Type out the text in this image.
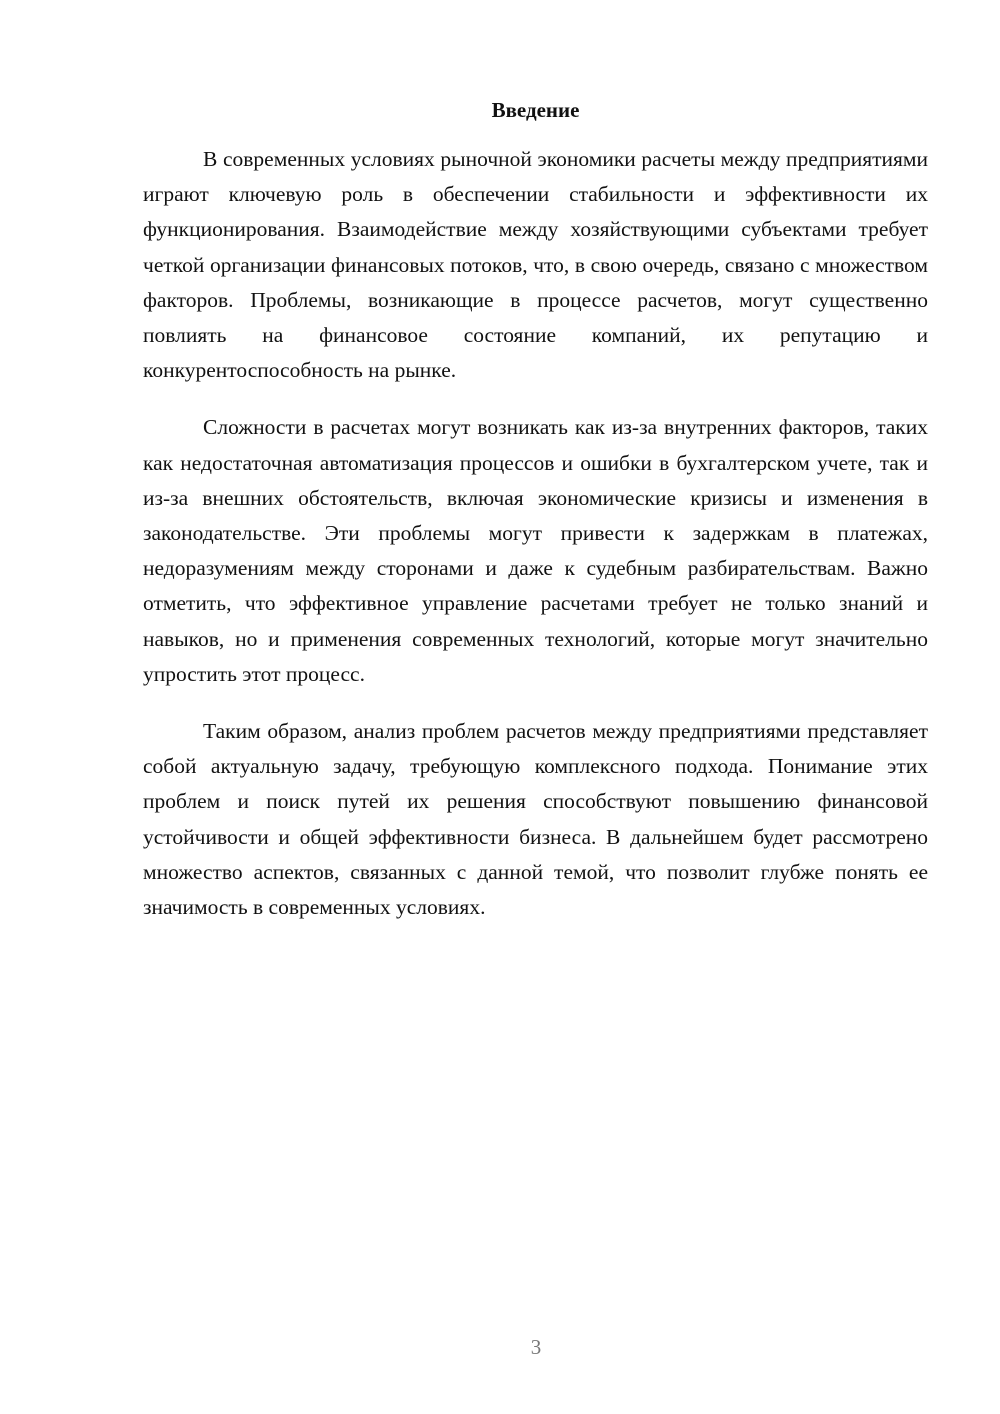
Введение

В современных условиях рыночной экономики расчеты между предприятиями играют ключевую роль в обеспечении стабильности и эффективности их функционирования. Взаимодействие между хозяйствующими субъектами требует четкой организации финансовых потоков, что, в свою очередь, связано с множеством факторов. Проблемы, возникающие в процессе расчетов, могут существенно повлиять на финансовое состояние компаний, их репутацию и конкурентоспособность на рынке.

Сложности в расчетах могут возникать как из-за внутренних факторов, таких как недостаточная автоматизация процессов и ошибки в бухгалтерском учете, так и из-за внешних обстоятельств, включая экономические кризисы и изменения в законодательстве. Эти проблемы могут привести к задержкам в платежах, недоразумениям между сторонами и даже к судебным разбирательствам. Важно отметить, что эффективное управление расчетами требует не только знаний и навыков, но и применения современных технологий, которые могут значительно упростить этот процесс.

Таким образом, анализ проблем расчетов между предприятиями представляет собой актуальную задачу, требующую комплексного подхода. Понимание этих проблем и поиск путей их решения способствуют повышению финансовой устойчивости и общей эффективности бизнеса. В дальнейшем будет рассмотрено множество аспектов, связанных с данной темой, что позволит глубже понять ее значимость в современных условиях.

3
